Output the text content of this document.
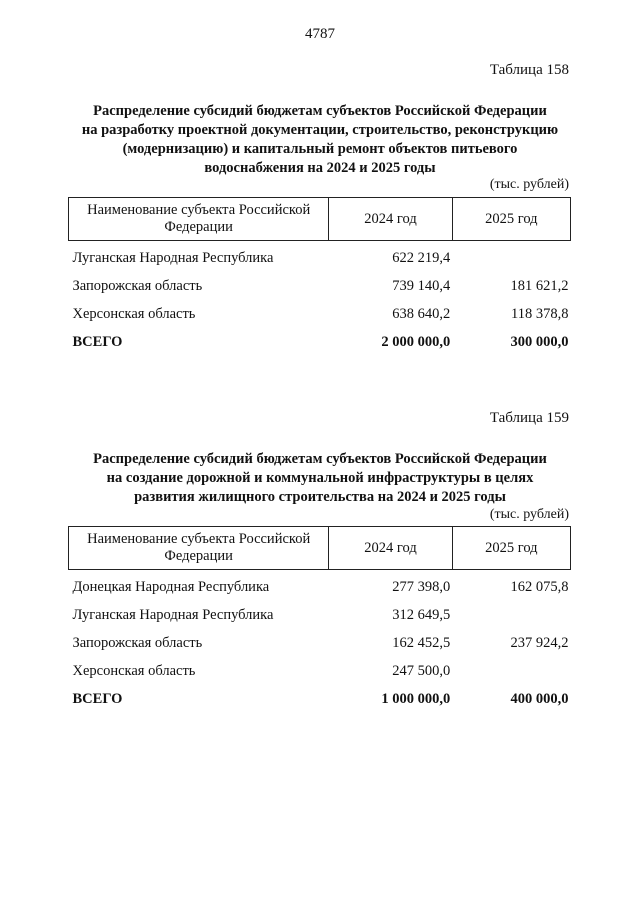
4787
Таблица 158
Распределение субсидий бюджетам субъектов Российской Федерации
на разработку проектной документации, строительство, реконструкцию
(модернизацию) и капитальный ремонт объектов питьевого
водоснабжения на 2024 и 2025 годы
(тыс. рублей)
Наименование субъекта Российской Федерации	2024 год	2025 год
Луганская Народная Республика	622 219,4	
Запорожская область	739 140,4	181 621,2
Херсонская область	638 640,2	118 378,8
ВСЕГО	2 000 000,0	300 000,0
Таблица 159
Распределение субсидий бюджетам субъектов Российской Федерации
на создание дорожной и коммунальной инфраструктуры в целях
развития жилищного строительства на 2024 и 2025 годы
(тыс. рублей)
Наименование субъекта Российской Федерации	2024 год	2025 год
Донецкая Народная Республика	277 398,0	162 075,8
Луганская Народная Республика	312 649,5	
Запорожская область	162 452,5	237 924,2
Херсонская область	247 500,0	
ВСЕГО	1 000 000,0	400 000,0
